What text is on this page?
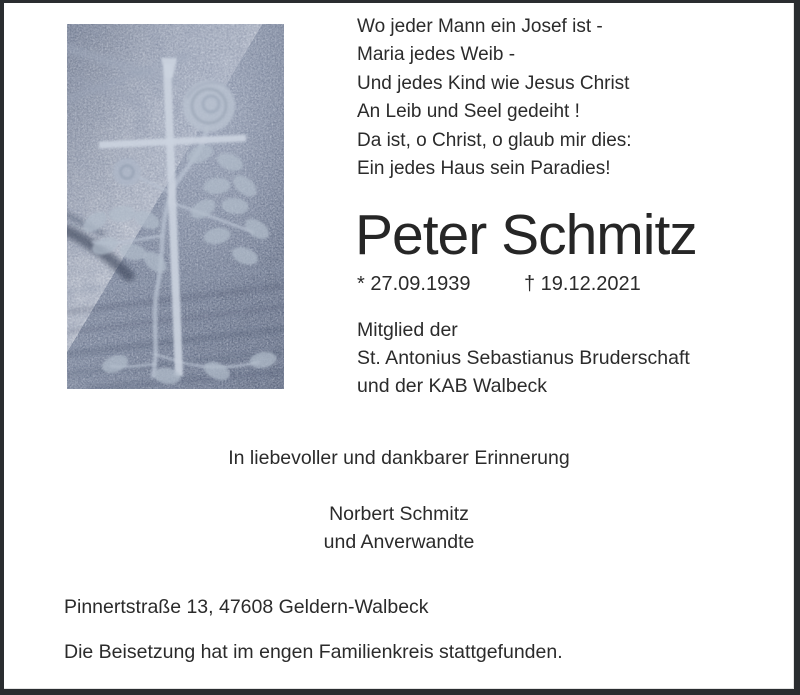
Wo jeder Mann ein Josef ist -
Maria jedes Weib -
Und jedes Kind wie Jesus Christ
An Leib und Seel gedeiht !
Da ist, o Christ, o glaub mir dies:
Ein jedes Haus sein Paradies!
Peter Schmitz
* 27.09.1939	† 19.12.2021
Mitglied der
St. Antonius Sebastianus Bruderschaft
und der KAB Walbeck
In liebevoller und dankbarer Erinnerung
Norbert Schmitz
und Anverwandte
Pinnertstraße 13, 47608 Geldern-Walbeck
Die Beisetzung hat im engen Familienkreis stattgefunden.
